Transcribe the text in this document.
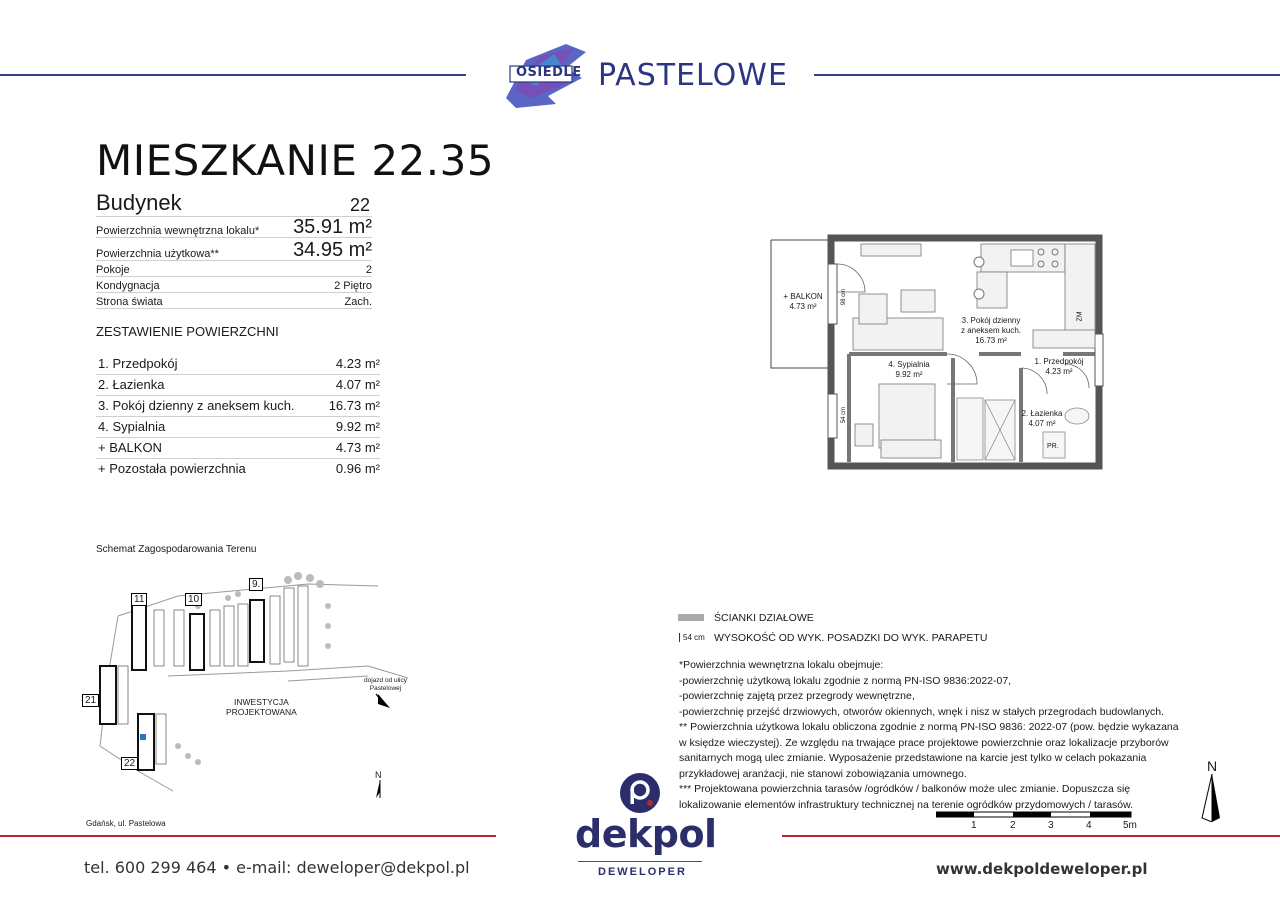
OSIEDLE PASTELOWE
MIESZKANIE 22.35
Budynek	22
Powierzchnia wewnętrzna lokalu* 35.91 m²
Powierzchnia użytkowa**	34.95 m²
Pokoje	2
Kondygnacja	2 Piętro
Strona świata	Zach.
ZESTAWIENIE POWIERZCHNI
1. Przedpokój	4.23 m²
2. Łazienka	4.07 m²
3. Pokój dzienny z aneksem kuch.	16.73 m²
4. Sypialnia	9.92 m²
+ BALKON	4.73 m²
+ Pozostała powierzchnia	0.96 m²
Schemat Zagospodarowania Terenu
11	10
9.
21
22
INWESTYCJA
PROJEKTOWANA
dojazd od ulicy
Pastelowej
N
Gdańsk, ul. Pastelowa
+ BALKON
4.73 m²
3. Pokój dzienny
z aneksem kuch.
16.73 m²
4. Sypialnia
9.92 m²
1. Przedpokój
4.23 m²
2. Łazienka
4.07 m²
ZM
PR.
98 cm
54 cm
ŚCIANKI DZIAŁOWE
54 cm WYSOKOŚĆ OD WYK. POSADZKI DO WYK. PARAPETU
*Powierzchnia wewnętrzna lokalu obejmuje:
-powierzchnię użytkową lokalu zgodnie z normą PN-ISO 9836:2022-07,
-powierzchnię zajętą przez przegrody wewnętrzne,
-powierzchnię przejść drzwiowych, otworów okiennych, wnęk i nisz w stałych przegrodach budowlanych.
** Powierzchnia użytkowa lokalu obliczona zgodnie z normą PN-ISO 9836: 2022-07 (pow. będzie wykazana
w księdze wieczystej). Ze względu na trwające prace projektowe powierzchnie oraz lokalizacje przyborów
sanitarnych mogą ulec zmianie. Wyposażenie przedstawione na karcie jest tylko w celach pokazania
przykładowej aranżacji, nie stanowi zobowiązania umownego.
*** Projektowana powierzchnia tarasów /ogródków / balkonów może ulec zmianie. Dopuszcza się
lokalizowanie elementów infrastruktury technicznej na terenie ogródków przydomowych / tarasów.
N
1	2	3	4	5m
dekpol
DEWELOPER
tel. 600 299 464 • e-mail: deweloper@dekpol.pl	www.dekpoldeweloper.pl
